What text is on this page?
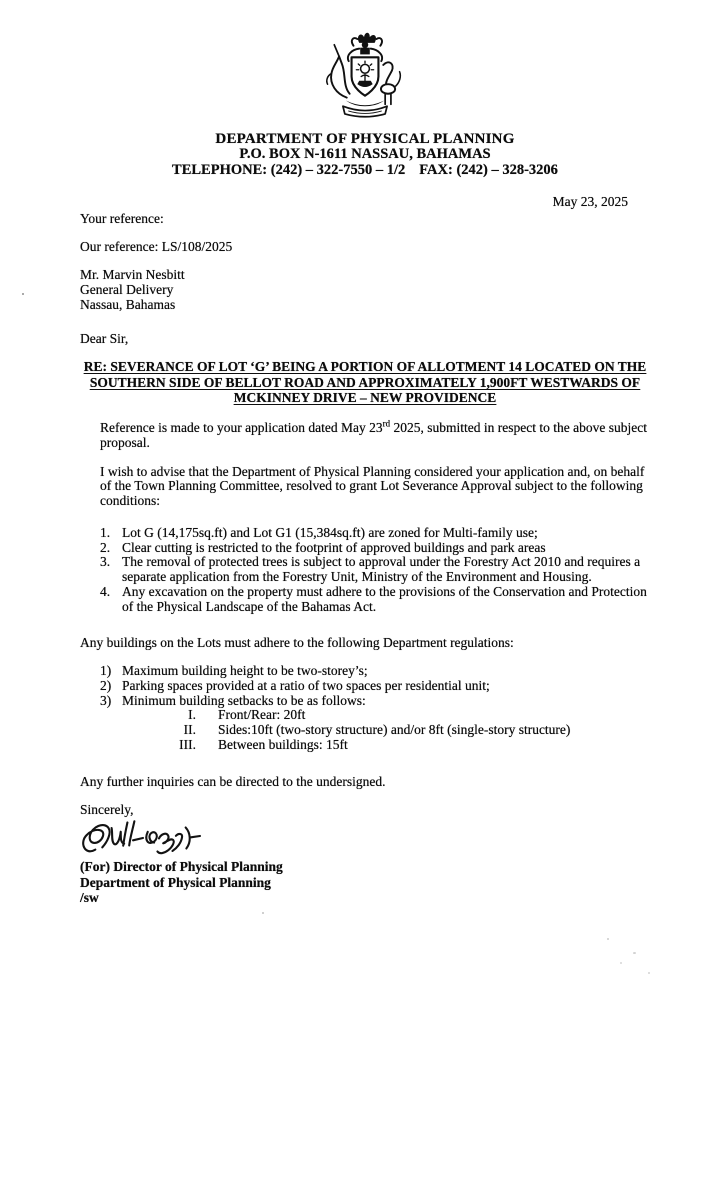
DEPARTMENT OF PHYSICAL PLANNING
P.O. BOX N-1611 NASSAU, BAHAMAS
TELEPHONE: (242) – 322-7550 – 1/2 FAX: (242) – 328-3206
May 23, 2025
Your reference:
Our reference: LS/108/2025
Mr. Marvin Nesbitt
General Delivery
Nassau, Bahamas
Dear Sir,
RE: SEVERANCE OF LOT ‘G’ BEING A PORTION OF ALLOTMENT 14 LOCATED ON THE
SOUTHERN SIDE OF BELLOT ROAD AND APPROXIMATELY 1,900FT WESTWARDS OF
MCKINNEY DRIVE – NEW PROVIDENCE
Reference is made to your application dated May 23rd 2025, submitted in respect to the above subject proposal.
I wish to advise that the Department of Physical Planning considered your application and, on behalf of the Town Planning Committee, resolved to grant Lot Severance Approval subject to the following conditions:
1. Lot G (14,175sq.ft) and Lot G1 (15,384sq.ft) are zoned for Multi-family use;
2. Clear cutting is restricted to the footprint of approved buildings and park areas
3. The removal of protected trees is subject to approval under the Forestry Act 2010 and requires a separate application from the Forestry Unit, Ministry of the Environment and Housing.
4. Any excavation on the property must adhere to the provisions of the Conservation and Protection of the Physical Landscape of the Bahamas Act.
Any buildings on the Lots must adhere to the following Department regulations:
1) Maximum building height to be two-storey’s;
2) Parking spaces provided at a ratio of two spaces per residential unit;
3) Minimum building setbacks to be as follows:
I. Front/Rear: 20ft
II. Sides:10ft (two-story structure) and/or 8ft (single-story structure)
III. Between buildings: 15ft
Any further inquiries can be directed to the undersigned.
Sincerely,
(For) Director of Physical Planning
Department of Physical Planning
/sw
